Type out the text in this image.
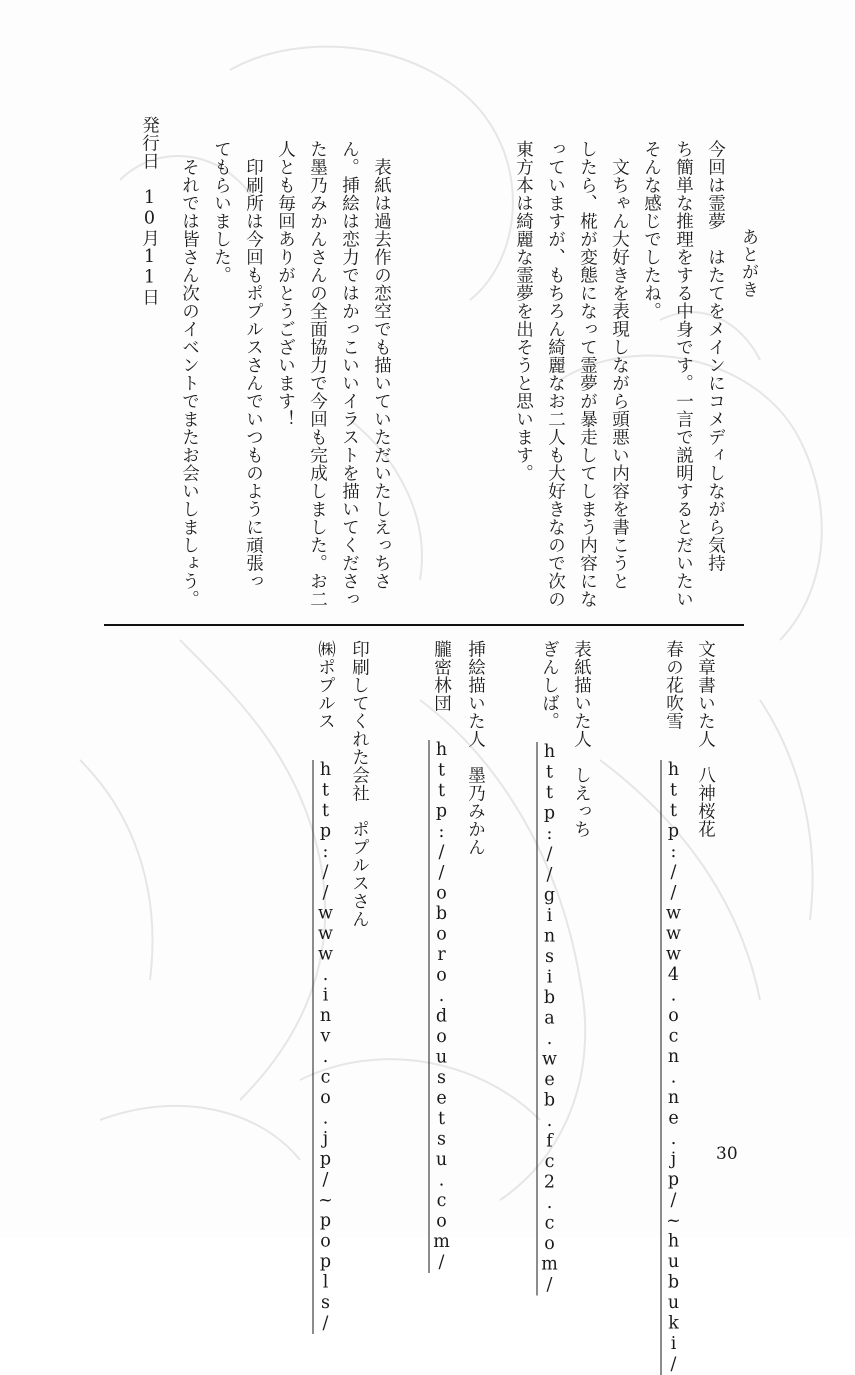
あとがき
今回は霊夢　はたてをメインにコメディしながら気持
ち簡単な推理をする中身です。一言で説明するとだいたい
そんな感じでしたね。
　文ちゃん大好きを表現しながら頭悪い内容を書こうと
したら、椛が変態になって霊夢が暴走してしまう内容にな
っていますが、もちろん綺麗なお二人も大好きなので次の
東方本は綺麗な霊夢を出そうと思います。
　表紙は過去作の恋空でも描いていただいたしえっちさ
ん。挿絵は恋力ではかっこいいイラストを描いてくださっ
た墨乃みかんさんの全面協力で今回も完成しました。お二
人とも毎回ありがとうございます！
　印刷所は今回もポプルスさんでいつものように頑張っ
てもらいました。
　それでは皆さん次のイベントでまたお会いしましょう。
発行日　10月11日
文章書いた人　八神桜花
春の花吹雪
http://www4.ocn.ne.jp/~hubuki/
表紙描いた人　しえっち
ぎんしば。
http://ginsiba.web.fc2.com/
挿絵描いた人　墨乃みかん
朧密林団
http://oboro.dousetsu.com/
印刷してくれた会社　ポプルスさん
㈱ポプルス
http://www.inv.co.jp/~popls/	30
